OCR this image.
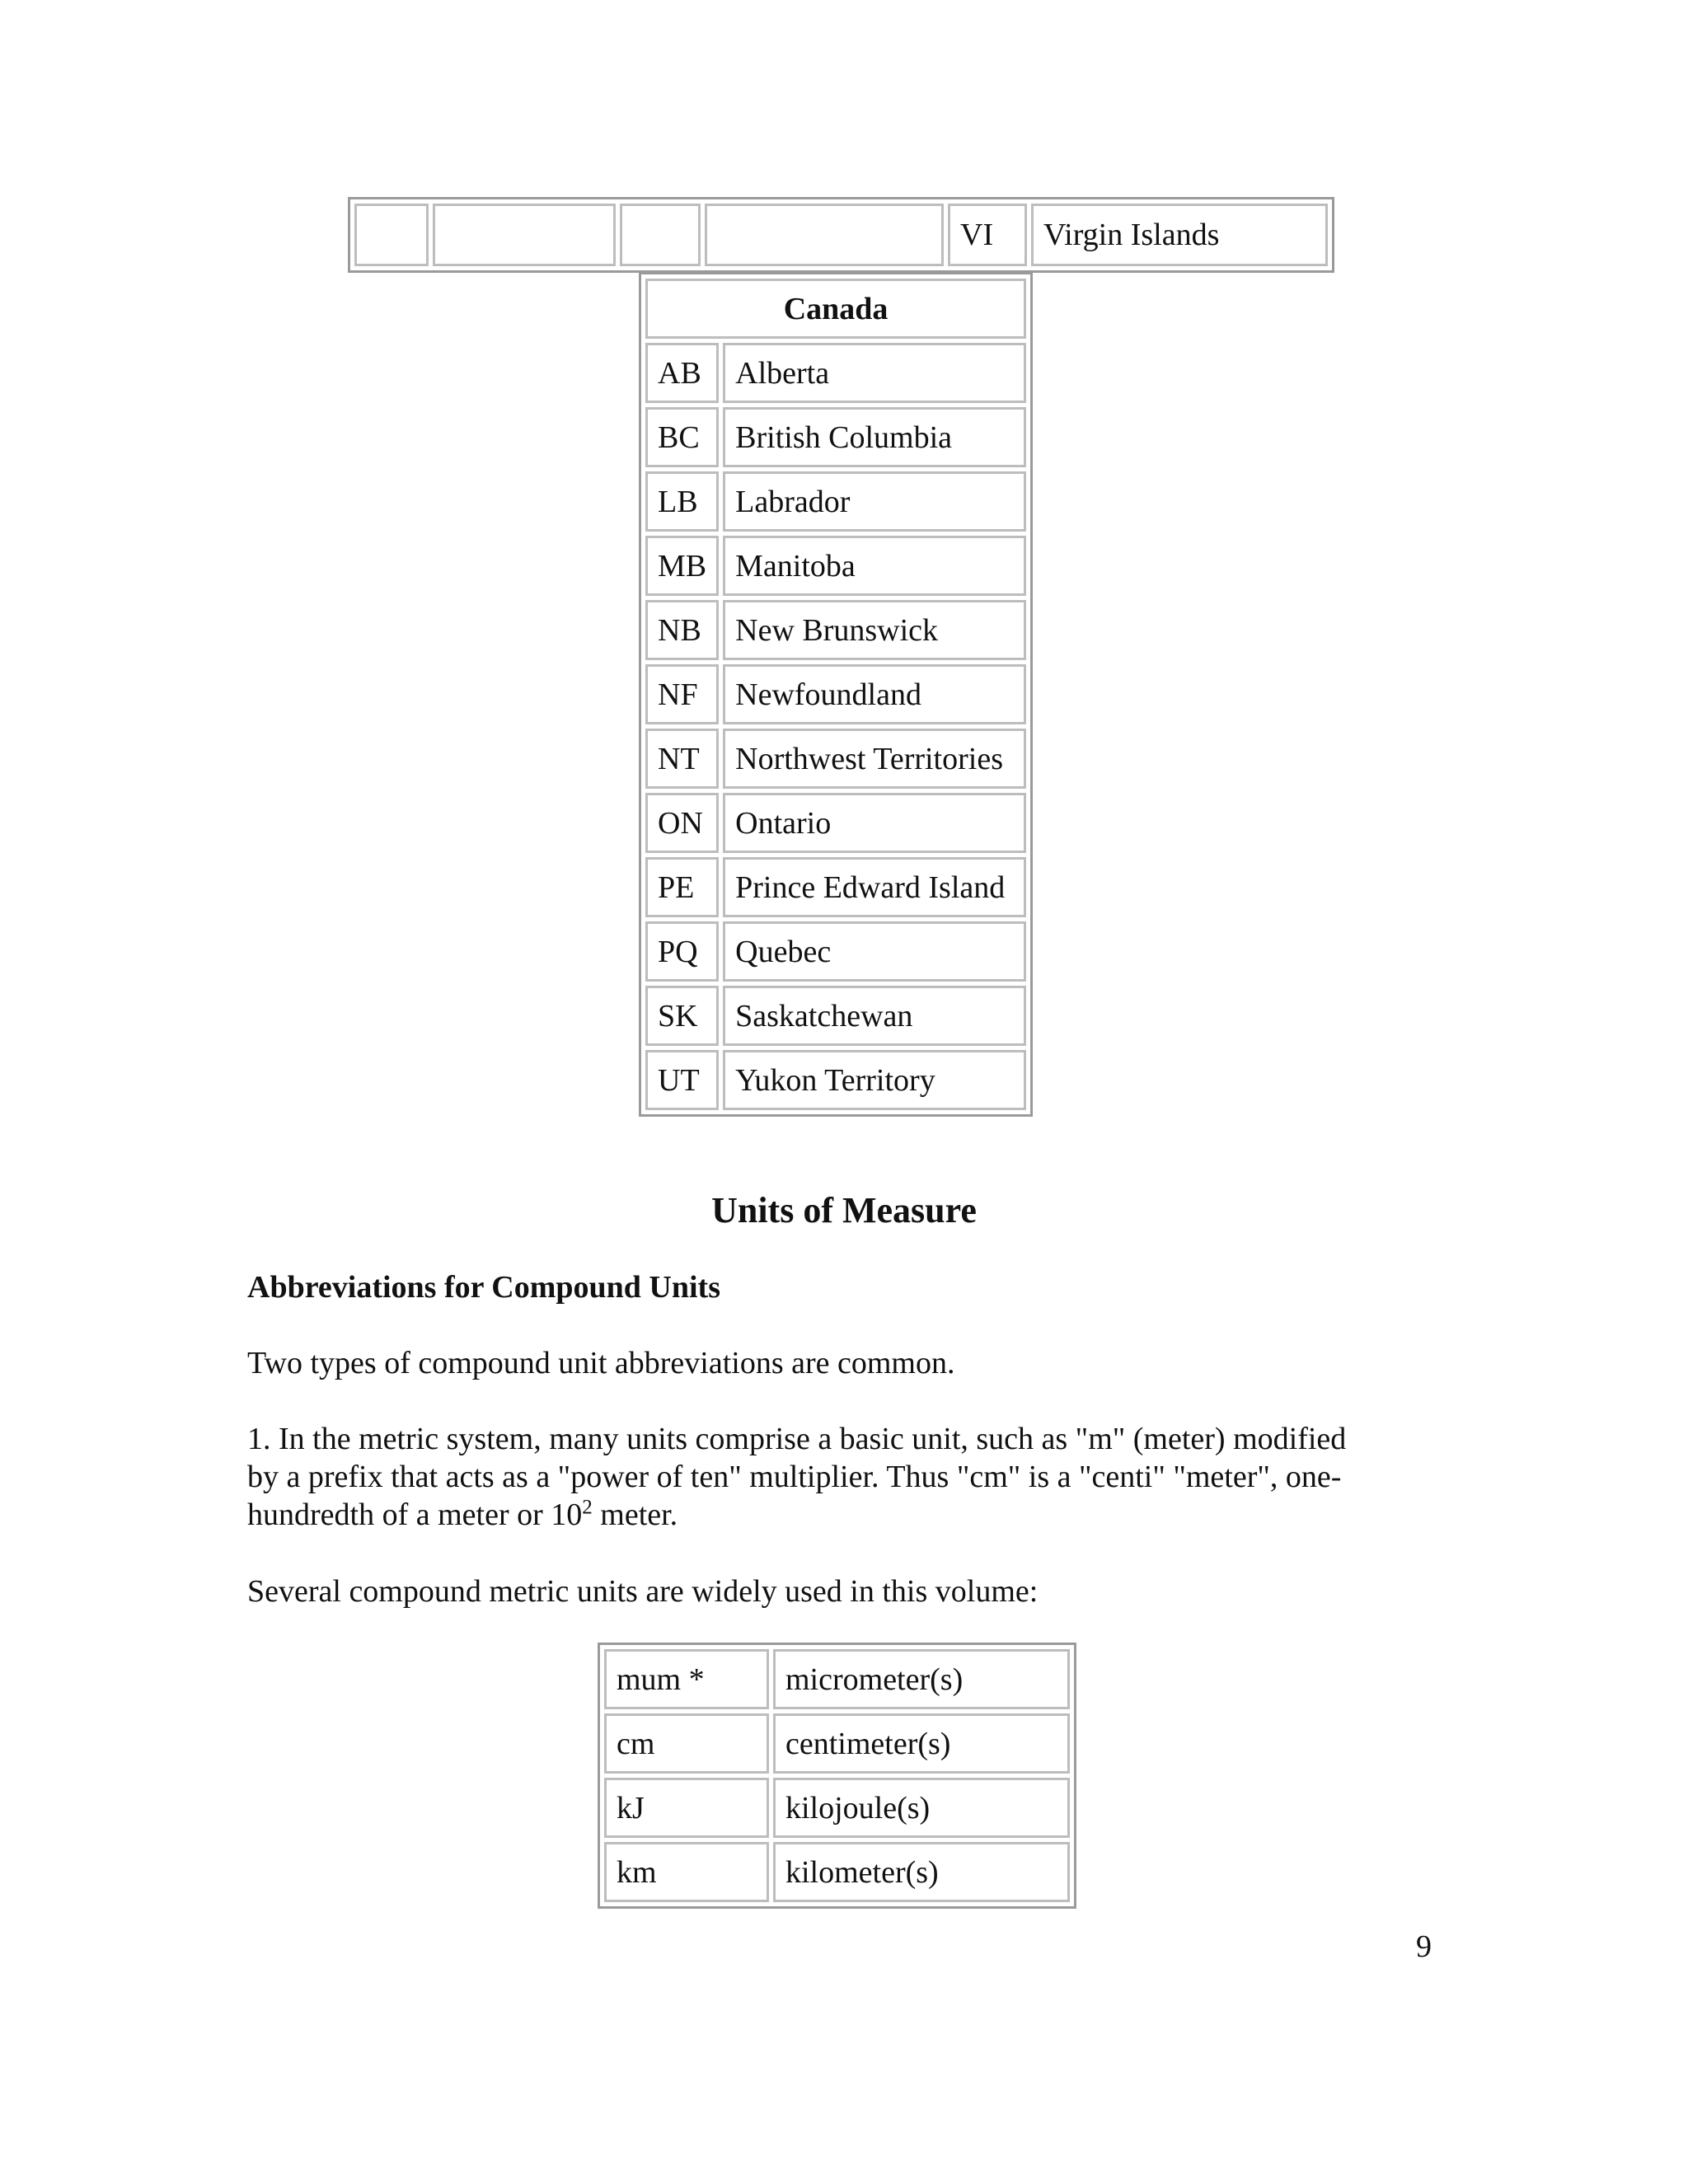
				VI	Virgin Islands
Canada	
AB	Alberta
BC	British Columbia
LB	Labrador
MB	Manitoba
NB	New Brunswick
NF	Newfoundland
NT	Northwest Territories
ON	Ontario
PE	Prince Edward Island
PQ	Quebec
SK	Saskatchewan
UT	Yukon Territory
Units of Measure
Abbreviations for Compound Units
Two types of compound unit abbreviations are common.
1. In the metric system, many units comprise a basic unit, such as "m" (meter) modified
by a prefix that acts as a "power of ten" multiplier. Thus "cm" is a "centi" "meter", one-
hundredth of a meter or $10^2$ meter.
Several compound metric units are widely used in this volume:
mum *	micrometer(s)
cm	centimeter(s)
kJ	kilojoule(s)
km	kilometer(s)
9
